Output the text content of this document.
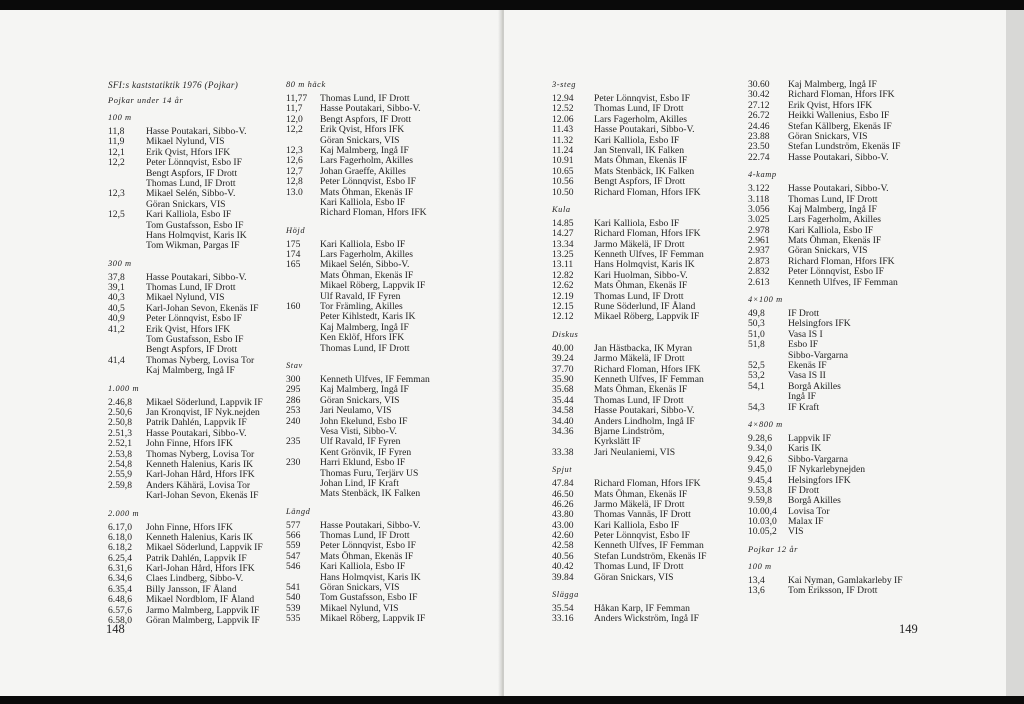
SFI:s kaststatiktik 1976 (Pojkar)
Pojkar under 14 år
100 m
11,8	Hasse Poutakari, Sibbo-V.
11,9	Mikael Nylund, VIS
12,1	Erik Qvist, Hfors IFK
12,2	Peter Lönnqvist, Esbo IF
Bengt Aspfors, IF Drott
Thomas Lund, IF Drott
12,3	Mikael Selén, Sibbo-V.
Göran Snickars, VIS
12,5	Kari Kalliola, Esbo IF
Tom Gustafsson, Esbo IF
Hans Holmqvist, Karis IK
Tom Wikman, Pargas IF
300 m
37,8	Hasse Poutakari, Sibbo-V.
39,1	Thomas Lund, IF Drott
40,3	Mikael Nylund, VIS
40,5	Karl-Johan Sevon, Ekenäs IF
40,9	Peter Lönnqvist, Esbo IF
41,2	Erik Qvist, Hfors IFK
Tom Gustafsson, Esbo IF
Bengt Aspfors, IF Drott
41,4	Thomas Nyberg, Lovisa Tor
Kaj Malmberg, Ingå IF
1.000 m
2.46,8	Mikael Söderlund, Lappvik IF
2.50,6	Jan Kronqvist, IF Nyk.nejden
2.50,8	Patrik Dahlén, Lappvik IF
2.51,3	Hasse Poutakari, Sibbo-V.
2.52,1	John Finne, Hfors IFK
2.53,8	Thomas Nyberg, Lovisa Tor
2.54,8	Kenneth Halenius, Karis IK
2.55,9	Karl-Johan Hård, Hfors IFK
2.59,8	Anders Kähärä, Lovisa Tor
Karl-Johan Sevon, Ekenäs IF
2.000 m
6.17,0	John Finne, Hfors IFK
6.18,0	Kenneth Halenius, Karis IK
6.18,2	Mikael Söderlund, Lappvik IF
6.25,4	Patrik Dahlén, Lappvik IF
6.31,6	Karl-Johan Hård, Hfors IFK
6.34,6	Claes Lindberg, Sibbo-V.
6.35,4	Billy Jansson, IF Åland
6.48,6	Mikael Nordblom, IF Åland
6.57,6	Jarmo Malmberg, Lappvik IF
6.58,0	Göran Malmberg, Lappvik IF
80 m häck
11,77	Thomas Lund, IF Drott
11,7	Hasse Poutakari, Sibbo-V.
12,0	Bengt Aspfors, IF Drott
12,2	Erik Qvist, Hfors IFK
Göran Snickars, VIS
12,3	Kaj Malmberg, Ingå IF
12,6	Lars Fagerholm, Akilles
12,7	Johan Graeffe, Akilles
12,8	Peter Lönnqvist, Esbo IF
13.0	Mats Öhman, Ekenäs IF
Kari Kalliola, Esbo IF
Richard Floman, Hfors IFK
Höjd
175	Kari Kalliola, Esbo IF
174	Lars Fagerholm, Akilles
165	Mikael Selén, Sibbo-V.
Mats Öhman, Ekenäs IF
Mikael Röberg, Lappvik IF
Ulf Ravald, IF Fyren
160	Tor Främling, Akilles
Peter Kihlstedt, Karis IK
Kaj Malmberg, Ingå IF
Ken Eklöf, Hfors IFK
Thomas Lund, IF Drott
Stav
300	Kenneth Ulfves, IF Femman
295	Kaj Malmberg, Ingå IF
286	Göran Snickars, VIS
253	Jari Neulamo, VIS
240	John Ekelund, Esbo IF
Vesa Visti, Sibbo-V.
235	Ulf Ravald, IF Fyren
Kent Grönvik, IF Fyren
230	Harri Eklund, Esbo IF
Thomas Furu, Terjärv US
Johan Lind, IF Kraft
Mats Stenbäck, IK Falken
Längd
577	Hasse Poutakari, Sibbo-V.
566	Thomas Lund, IF Drott
559	Peter Lönnqvist, Esbo IF
547	Mats Öhman, Ekenäs IF
546	Kari Kalliola, Esbo IF
Hans Holmqvist, Karis IK
541	Göran Snickars, VIS
540	Tom Gustafsson, Esbo IF
539	Mikael Nylund, VIS
535	Mikael Röberg, Lappvik IF
148
3-steg
12.94	Peter Lönnqvist, Esbo IF
12.52	Thomas Lund, IF Drott
12.06	Lars Fagerholm, Akilles
11.43	Hasse Poutakari, Sibbo-V.
11.32	Kari Kalliola, Esbo IF
11.24	Jan Stenvall, IK Falken
10.91	Mats Öhman, Ekenäs IF
10.65	Mats Stenbäck, IK Falken
10.56	Bengt Aspfors, IF Drott
10.50	Richard Floman, Hfors IFK
Kula
14.85	Kari Kalliola, Esbo IF
14.27	Richard Floman, Hfors IFK
13.34	Jarmo Mäkelä, IF Drott
13.25	Kenneth Ulfves, IF Femman
13.11	Hans Holmqvist, Karis IK
12.82	Kari Huolman, Sibbo-V.
12.62	Mats Öhman, Ekenäs IF
12.19	Thomas Lund, IF Drott
12.15	Rune Söderlund, IF Åland
12.12	Mikael Röberg, Lappvik IF
Diskus
40.00	Jan Hästbacka, IK Myran
39.24	Jarmo Mäkelä, IF Drott
37.70	Richard Floman, Hfors IFK
35.90	Kenneth Ulfves, IF Femman
35.68	Mats Öhman, Ekenäs IF
35.44	Thomas Lund, IF Drott
34.58	Hasse Poutakari, Sibbo-V.
34.40	Anders Lindholm, Ingå IF
34.36	Bjarne Lindström,
Kyrkslätt IF
33.38	Jari Neulaniemi, VIS
Spjut
47.84	Richard Floman, Hfors IFK
46.50	Mats Öhman, Ekenäs IF
46.26	Jarmo Mäkelä, IF Drott
43.80	Thomas Vannäs, IF Drott
43.00	Kari Kalliola, Esbo IF
42.60	Peter Lönnqvist, Esbo IF
42.58	Kenneth Ulfves, IF Femman
40.56	Stefan Lundström, Ekenäs IF
40.42	Thomas Lund, IF Drott
39.84	Göran Snickars, VIS
Slägga
35.54	Håkan Karp, IF Femman
33.16	Anders Wickström, Ingå IF
30.60	Kaj Malmberg, Ingå IF
30.42	Richard Floman, Hfors IFK
27.12	Erik Qvist, Hfors IFK
26.72	Heikki Wallenius, Esbo IF
24.46	Stefan Källberg, Ekenäs IF
23.88	Göran Snickars, VIS
23.50	Stefan Lundström, Ekenäs IF
22.74	Hasse Poutakari, Sibbo-V.
4-kamp
3.122	Hasse Poutakari, Sibbo-V.
3.118	Thomas Lund, IF Drott
3.056	Kaj Malmberg, Ingå IF
3.025	Lars Fagerholm, Akilles
2.978	Kari Kalliola, Esbo IF
2.961	Mats Öhman, Ekenäs IF
2.937	Göran Snickars, VIS
2.873	Richard Floman, Hfors IFK
2.832	Peter Lönnqvist, Esbo IF
2.613	Kenneth Ulfves, IF Femman
4×100 m
49,8	IF Drott
50,3	Helsingfors IFK
51,0	Vasa IS I
51,8	Esbo IF
Sibbo-Vargarna
52,5	Ekenäs IF
53,2	Vasa IS II
54,1	Borgå Akilles
Ingå IF
54,3	IF Kraft
4×800 m
9.28,6	Lappvik IF
9.34,0	Karis IK
9.42,6	Sibbo-Vargarna
9.45,0	IF Nykarlebynejden
9.45,4	Helsingfors IFK
9.53,8	IF Drott
9.59,8	Borgå Akilles
10.00,4	Lovisa Tor
10.03,0	Malax IF
10.05,2	VIS
Pojkar 12 år
100 m
13,4	Kai Nyman, Gamlakarleby IF
13,6	Tom Eriksson, IF Drott
149
